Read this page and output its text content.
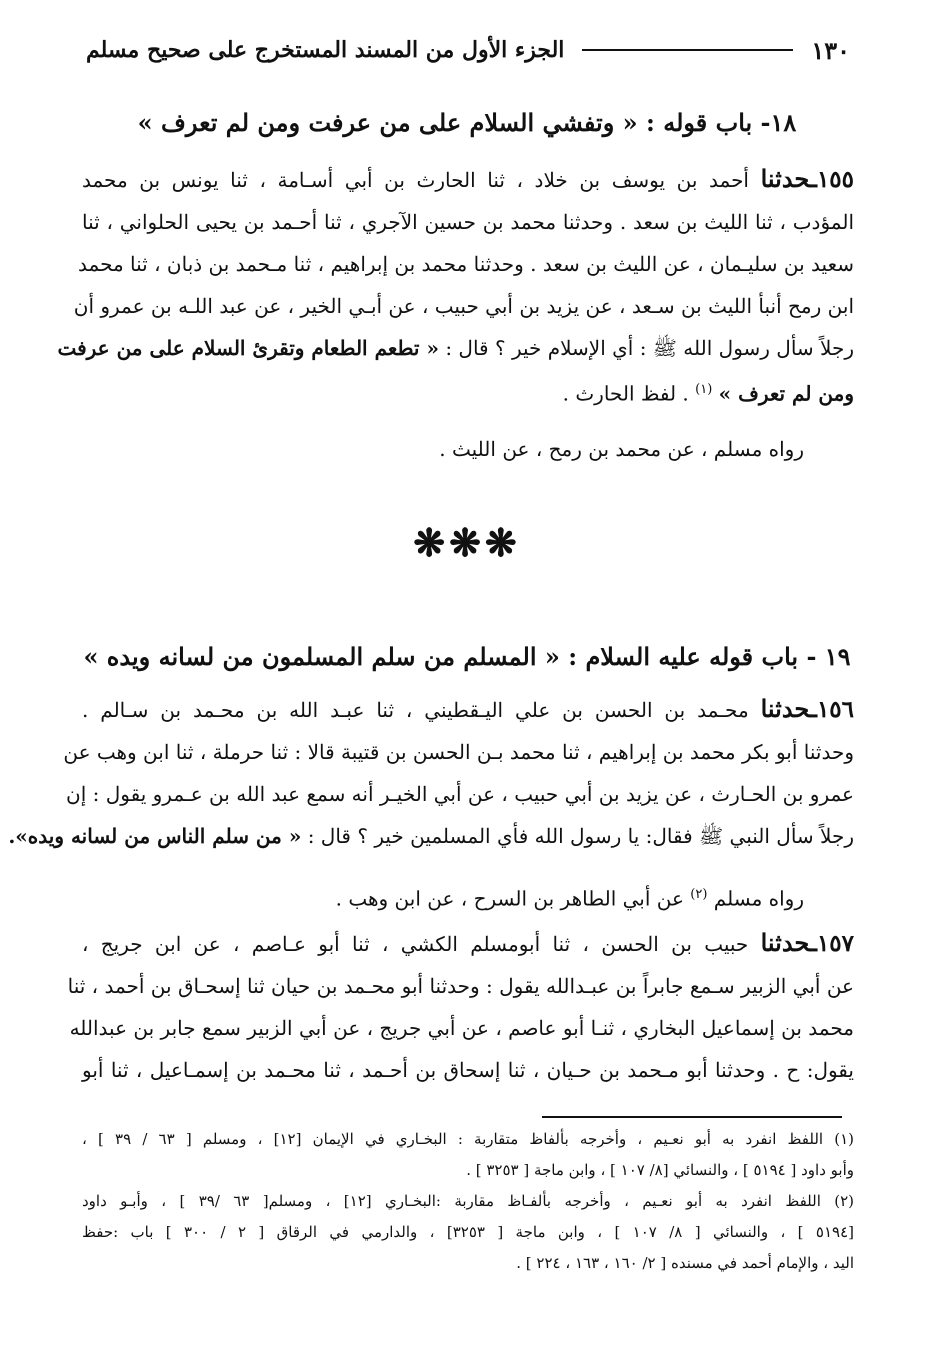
١٣٠
الجزء الأول من المسند المستخرج على صحيح مسلم
١٨- باب قوله : « وتفشي السلام على من عرفت ومن لم تعرف »
١٥٥ـحدثنا أحمد بن يوسف بن خلاد ، ثنا الحارث بن أبي أسـامة ، ثنا يونس بن محمد
المؤدب ، ثنا الليث بن سعد . وحدثنا محمد بن حسين الآجري ، ثنا أحـمد بن يحيى الحلواني ، ثنا
سعيد بن سليـمان ، عن الليث بن سعد . وحدثنا محمد بن إبراهيم ، ثنا مـحمد بن ذبان ، ثنا محمد
ابن رمح أنبأ الليث بن سـعد ، عن يزيد بن أبي حبيب ، عن أبـي الخير ، عن عبد اللـه بن عمرو أن
رجلاً سأل رسول الله ﷺ : أي الإسلام خير ؟ قال : « تطعم الطعام وتقرئ السلام على من عرفت
ومن لم تعرف » $^{(١)}$ . لفظ الحارث .
رواه مسلم ، عن محمد بن رمح ، عن الليث .
❋❋❋
١٩ - باب قوله عليه السلام : « المسلم من سلم المسلمون من لسانه ويده »
١٥٦ـحدثنا محـمد بن الحسن بن علي اليـقطيني ، ثنا عبـد الله بن محـمد بن سـالم .
وحدثنا أبو بكر محمد بن إبراهيم ، ثنا محمد بـن الحسن بن قتيبة قالا : ثنا حرملة ، ثنا ابن وهب عن
عمرو بن الحـارث ، عن يزيد بن أبي حبيب ، عن أبي الخيـر أنه سمع عبد الله بن عـمرو يقول : إن
رجلاً سأل النبي ﷺ فقال: يا رسول الله فأي المسلمين خير ؟ قال : « من سلم الناس من لسانه ويده».
رواه مسلم $^{(٢)}$ عن أبي الطاهر بن السرح ، عن ابن وهب .
١٥٧ـحدثنا حبيب بن الحسن ، ثنا أبومسلم الكشي ، ثنا أبو عـاصم ، عن ابن جريج ،
عن أبي الزبير سـمع جابراً بن عبـدالله يقول : وحدثنا أبو محـمد بن حيان ثنا إسحـاق بن أحمد ، ثنا
محمد بن إسماعيل البخاري ، ثنـا أبو عاصم ، عن أبي جريج ، عن أبي الزبير سمع جابر بن عبدالله
يقول: ح . وحدثنا أبو مـحمد بن حـيان ، ثنا إسحاق بن أحـمد ، ثنا محـمد بن إسمـاعيل ، ثنا أبو
(١) اللفظ انفرد به أبو نعـيم ، وأخرجه بألفاظ متقاربة : البخـاري في الإيمان [١٢] ، ومسلم [ ٦٣ / ٣٩ ] ،
وأبو داود [ ٥١٩٤ ] ، والنسائي [٨/ ١٠٧ ] ، وابن ماجة [ ٣٢٥٣ ] .
(٢) اللفظ انفرد به أبو نعـيم ، وأخرجه بألفـاظ مقاربة :البخـاري [١٢] ، ومسلم[ ٦٣ /٣٩ ] ، وأبـو داود
[٥١٩٤ ] ، والنسائي [ ٨/ ١٠٧ ] ، وابن ماجة [ ٣٢٥٣] ، والدارمي في الرقاق [ ٢ / ٣٠٠ ] باب :حفظ
اليد ، والإمام أحمد في مسنده [ ٢/ ١٦٠ ، ١٦٣ ، ٢٢٤ ] .
